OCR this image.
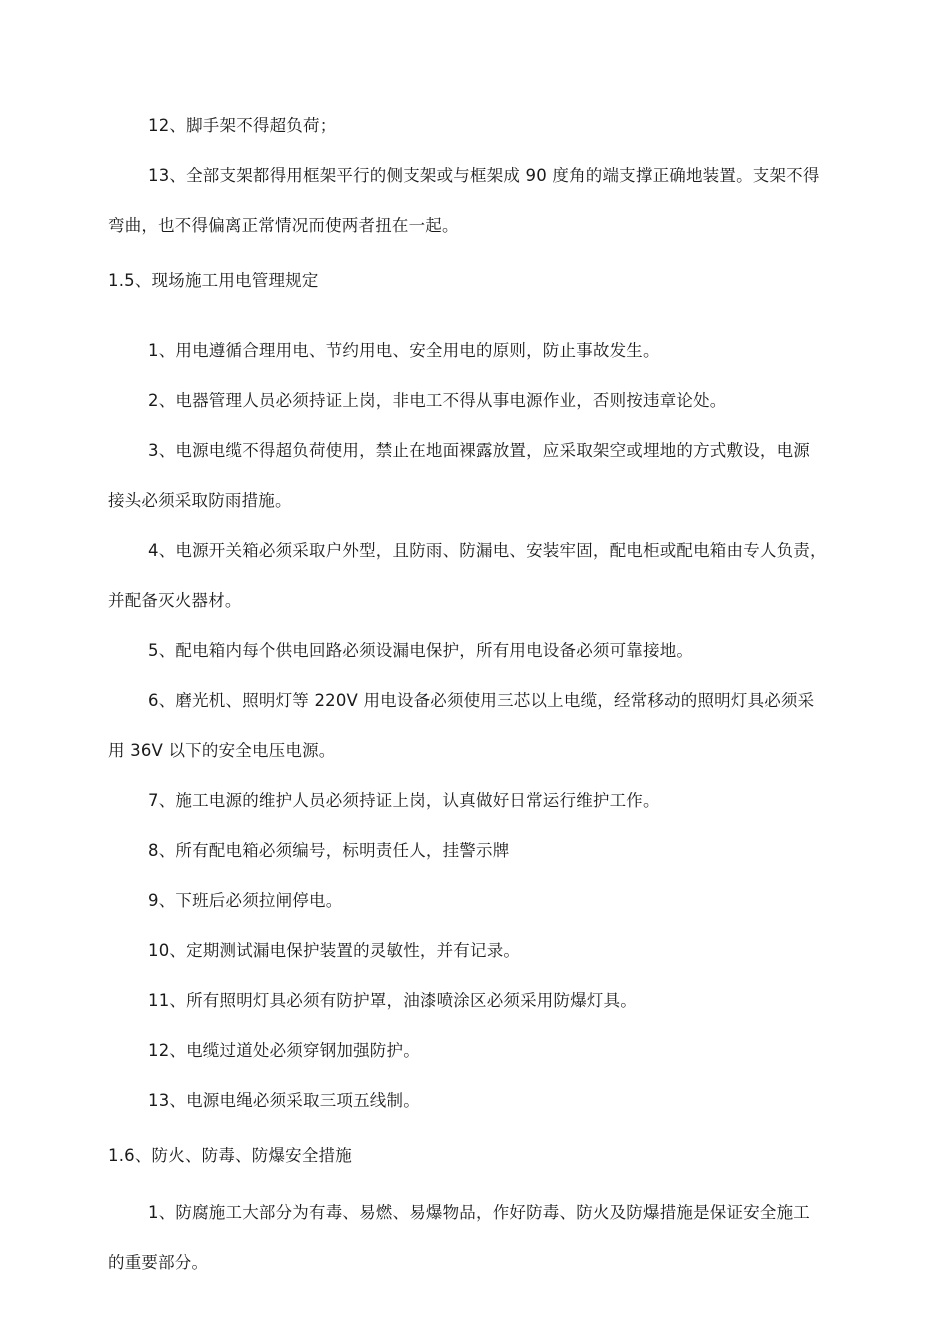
12、脚手架不得超负荷；
13、全部支架都得用框架平行的侧支架或与框架成 90 度角的端支撑正确地装置。支架不得
弯曲，也不得偏离正常情况而使两者扭在一起。
1.5、现场施工用电管理规定
1、用电遵循合理用电、节约用电、安全用电的原则，防止事故发生。
2、电器管理人员必须持证上岗，非电工不得从事电源作业，否则按违章论处。
3、电源电缆不得超负荷使用，禁止在地面裸露放置，应采取架空或埋地的方式敷设，电源
接头必须采取防雨措施。
4、电源开关箱必须采取户外型，且防雨、防漏电、安装牢固，配电柜或配电箱由专人负责，
并配备灭火器材。
5、配电箱内每个供电回路必须设漏电保护，所有用电设备必须可靠接地。
6、磨光机、照明灯等 220V 用电设备必须使用三芯以上电缆，经常移动的照明灯具必须采
用 36V 以下的安全电压电源。
7、施工电源的维护人员必须持证上岗，认真做好日常运行维护工作。
8、所有配电箱必须编号，标明责任人，挂警示牌
9、下班后必须拉闸停电。
10、定期测试漏电保护装置的灵敏性，并有记录。
11、所有照明灯具必须有防护罩，油漆喷涂区必须采用防爆灯具。
12、电缆过道处必须穿钢加强防护。
13、电源电绳必须采取三项五线制。
1.6、防火、防毒、防爆安全措施
1、防腐施工大部分为有毒、易燃、易爆物品，作好防毒、防火及防爆措施是保证安全施工
的重要部分。
